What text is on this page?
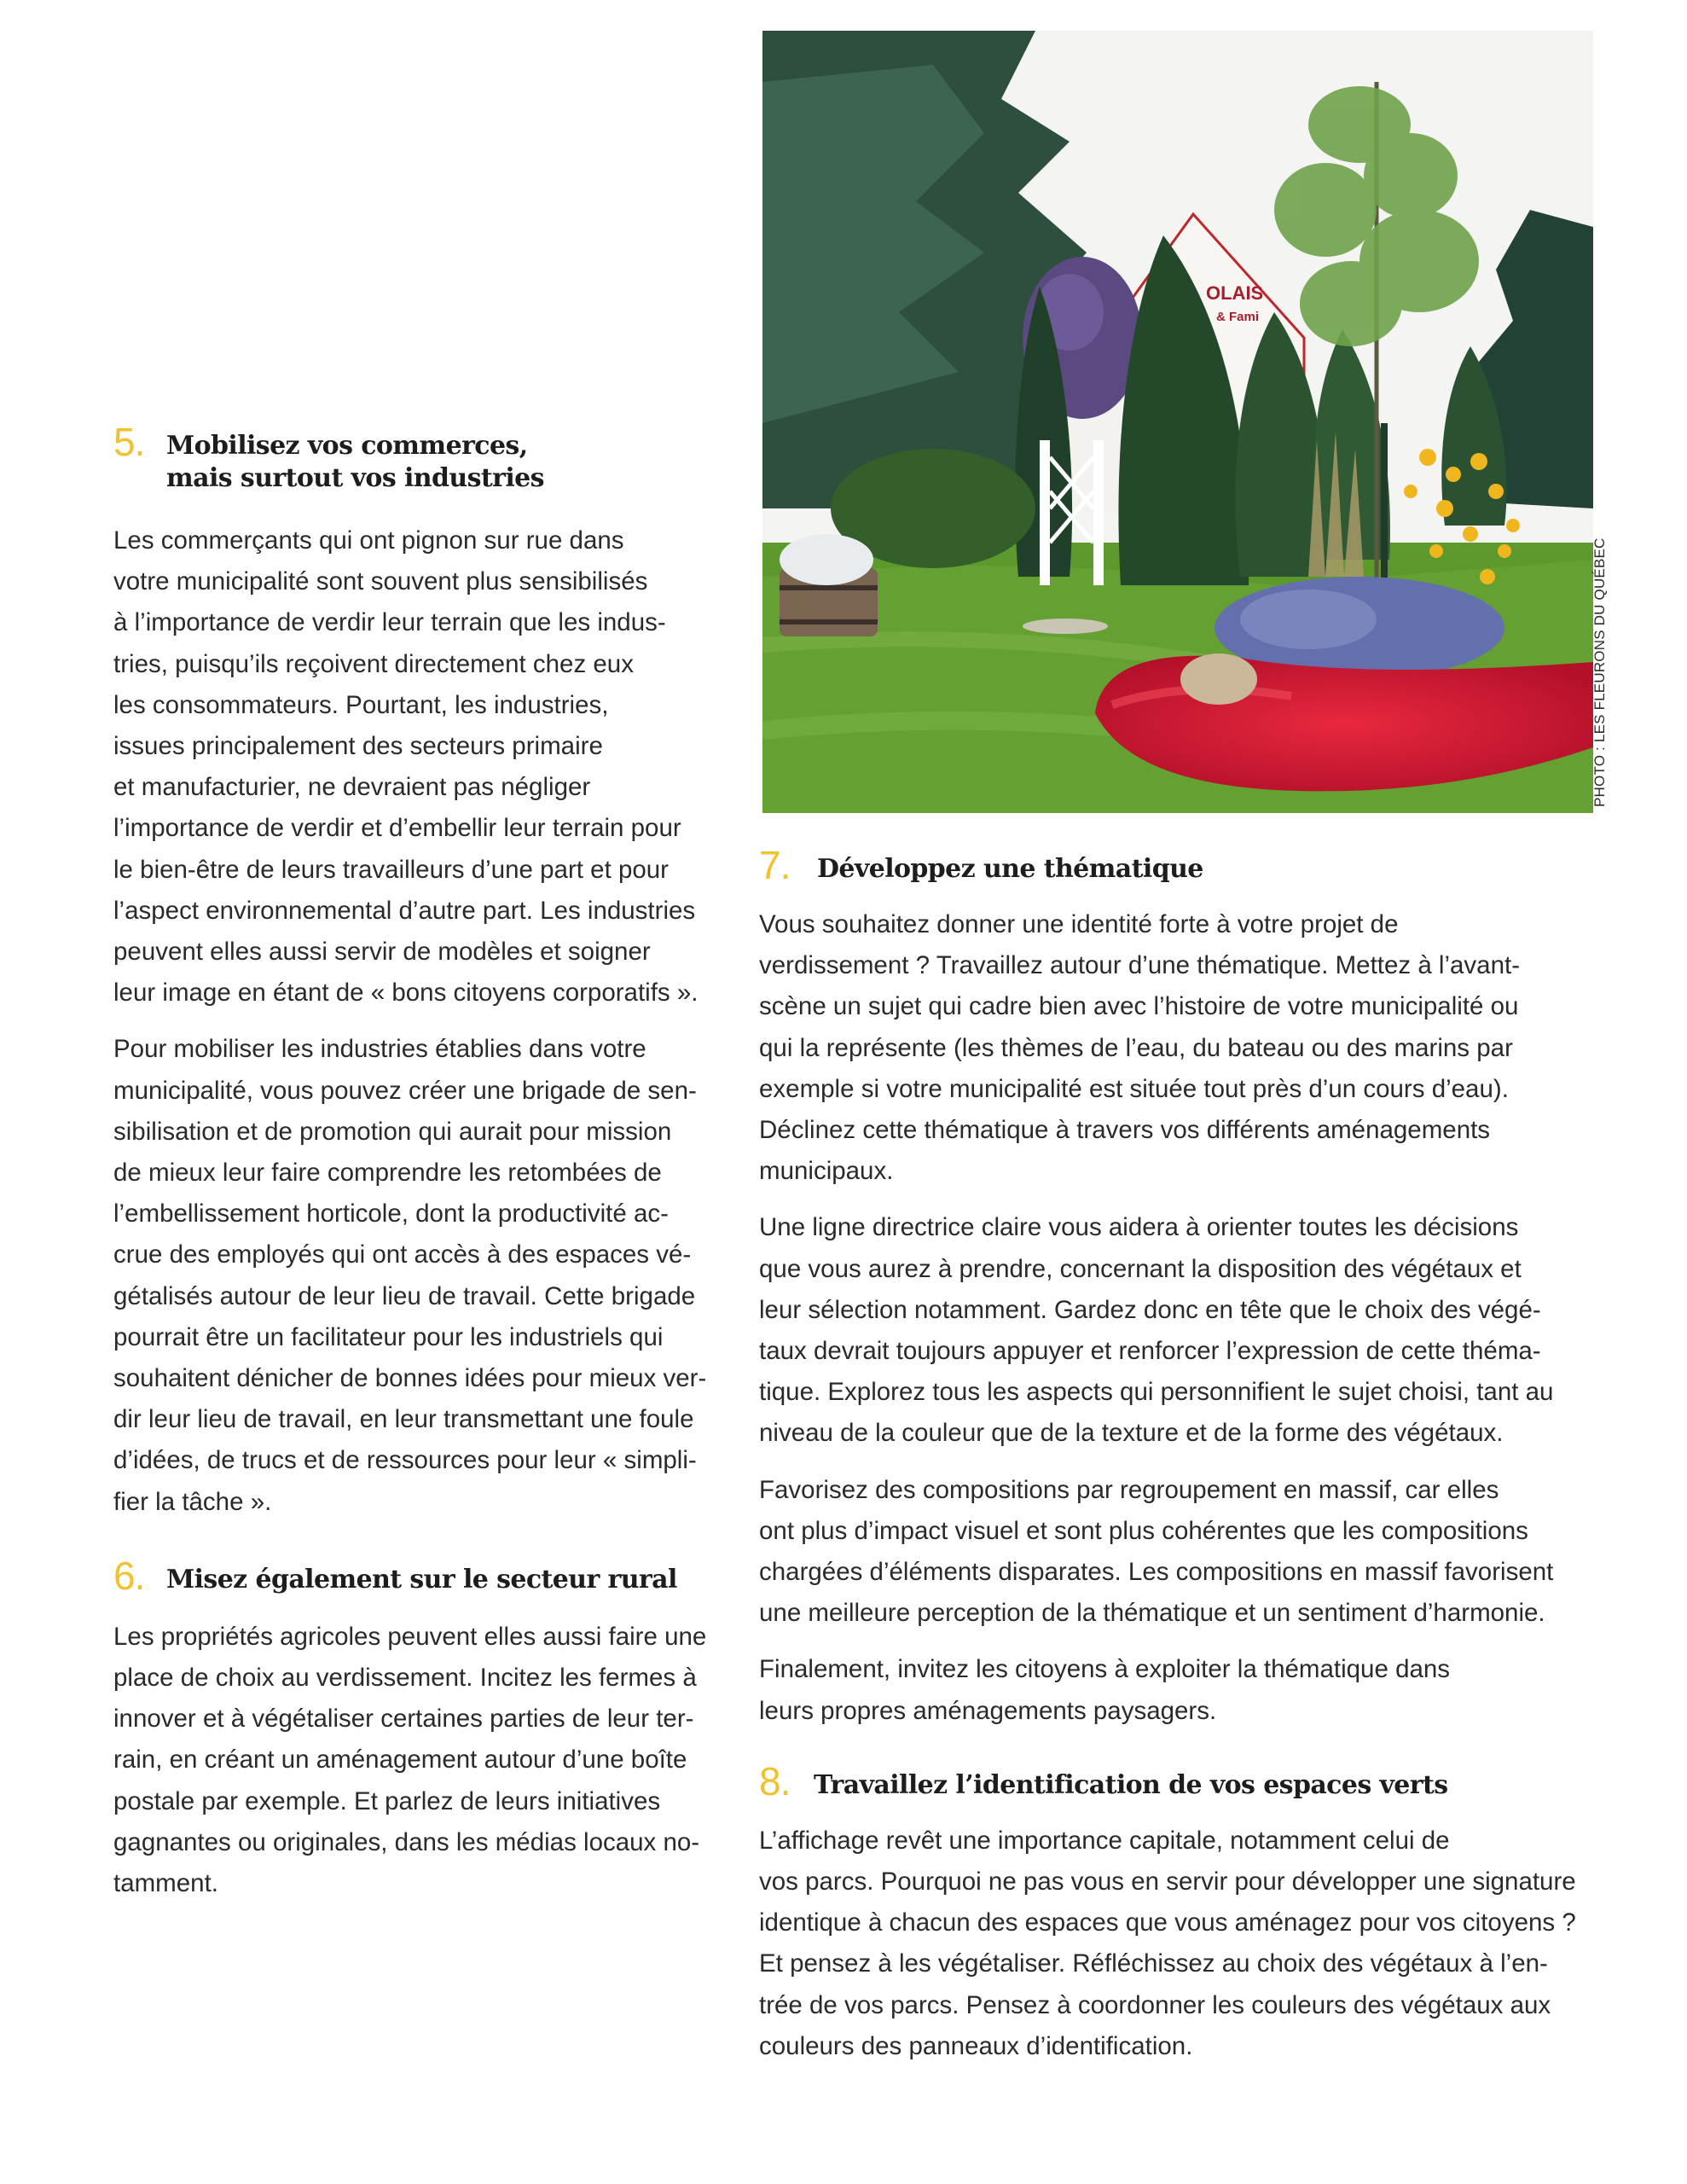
OLAIS
& Fami
PHOTO : LES FLEURONS DU QUÉBEC
5. Mobilisez vos commerces,
mais surtout vos industries

Les commerçants qui ont pignon sur rue dans
votre municipalité sont souvent plus sensibilisés
à l’importance de verdir leur terrain que les indus-
tries, puisqu’ils reçoivent directement chez eux
les consommateurs. Pourtant, les industries,
issues principalement des secteurs primaire
et manufacturier, ne devraient pas négliger
l’importance de verdir et d’embellir leur terrain pour
le bien-être de leurs travailleurs d’une part et pour
l’aspect environnemental d’autre part. Les industries
peuvent elles aussi servir de modèles et soigner
leur image en étant de « bons citoyens corporatifs ».

Pour mobiliser les industries établies dans votre
municipalité, vous pouvez créer une brigade de sen-
sibilisation et de promotion qui aurait pour mission
de mieux leur faire comprendre les retombées de
l’embellissement horticole, dont la productivité ac-
crue des employés qui ont accès à des espaces vé-
gétalisés autour de leur lieu de travail. Cette brigade
pourrait être un facilitateur pour les industriels qui
souhaitent dénicher de bonnes idées pour mieux ver-
dir leur lieu de travail, en leur transmettant une foule
d’idées, de trucs et de ressources pour leur « simpli-
fier la tâche ».

6. Misez également sur le secteur rural

Les propriétés agricoles peuvent elles aussi faire une
place de choix au verdissement. Incitez les fermes à
innover et à végétaliser certaines parties de leur ter-
rain, en créant un aménagement autour d’une boîte
postale par exemple. Et parlez de leurs initiatives
gagnantes ou originales, dans les médias locaux no-
tamment.

7.	Développez une thématique

Vous souhaitez donner une identité forte à votre projet de
verdissement ? Travaillez autour d’une thématique. Mettez à l’avant-
scène un sujet qui cadre bien avec l’histoire de votre municipalité ou
qui la représente (les thèmes de l’eau, du bateau ou des marins par
exemple si votre municipalité est située tout près d’un cours d’eau).
Déclinez cette thématique à travers vos différents aménagements
municipaux.

Une ligne directrice claire vous aidera à orienter toutes les décisions
que vous aurez à prendre, concernant la disposition des végétaux et
leur sélection notamment. Gardez donc en tête que le choix des végé-
taux devrait toujours appuyer et renforcer l’expression de cette théma-
tique. Explorez tous les aspects qui personnifient le sujet choisi, tant au
niveau de la couleur que de la texture et de la forme des végétaux.

Favorisez des compositions par regroupement en massif, car elles
ont plus d’impact visuel et sont plus cohérentes que les compositions
chargées d’éléments disparates. Les compositions en massif favorisent
une meilleure perception de la thématique et un sentiment d’harmonie.

Finalement, invitez les citoyens à exploiter la thématique dans
leurs propres aménagements paysagers.

8. Travaillez l’identification de vos espaces verts

L’affichage revêt une importance capitale, notamment celui de
vos parcs. Pourquoi ne pas vous en servir pour développer une signature
identique à chacun des espaces que vous aménagez pour vos citoyens ?
Et pensez à les végétaliser. Réfléchissez au choix des végétaux à l’en-
trée de vos parcs. Pensez à coordonner les couleurs des végétaux aux
couleurs des panneaux d’identification.
